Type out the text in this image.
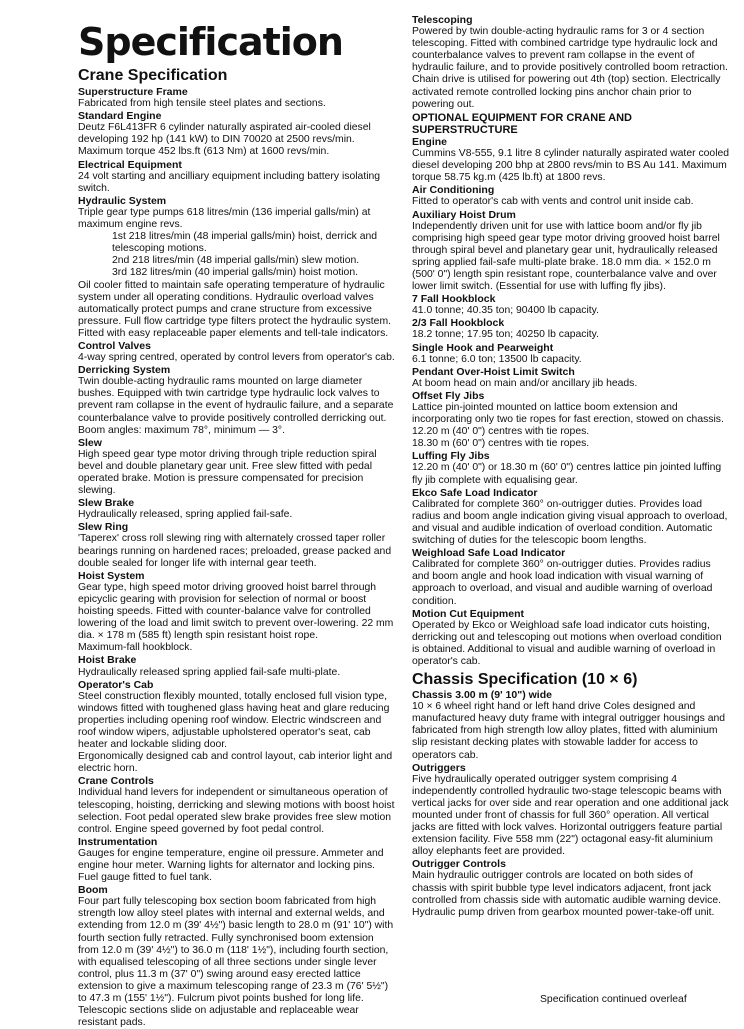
Specification
Crane Specification
Superstructure Frame

Fabricated from high tensile steel plates and sections.

Standard Engine

Deutz F6L413FR 6 cylinder naturally aspirated air-cooled diesel developing 192 hp (141 kW) to DIN 70020 at 2500 revs/min. Maximum torque 452 lbs.ft (613 Nm) at 1600 revs/min.

Electrical Equipment

24 volt starting and ancilliary equipment including battery isolating switch.

Hydraulic System

Triple gear type pumps 618 litres/min (136 imperial galls/min) at maximum engine revs.

1st 218 litres/min (48 imperial galls/min) hoist, derrick and telescoping motions.

2nd 218 litres/min (48 imperial galls/min) slew motion.

3rd 182 litres/min (40 imperial galls/min) hoist motion.

Oil cooler fitted to maintain safe operating temperature of hydraulic system under all operating conditions. Hydraulic overload valves automatically protect pumps and crane structure from excessive pressure. Full flow cartridge type filters protect the hydraulic system. Fitted with easy replaceable paper elements and tell-tale indicators.

Control Valves

4-way spring centred, operated by control levers from operator's cab.

Derricking System

Twin double-acting hydraulic rams mounted on large diameter bushes. Equipped with twin cartridge type hydraulic lock valves to prevent ram collapse in the event of hydraulic failure, and a separate counterbalance valve to provide positively controlled derricking out.

Boom angles: maximum 78°, minimum — 3°.

Slew

High speed gear type motor driving through triple reduction spiral bevel and double planetary gear unit. Free slew fitted with pedal operated brake. Motion is pressure compensated for precision slewing.

Slew Brake

Hydraulically released, spring applied fail-safe.

Slew Ring

'Taperex' cross roll slewing ring with alternately crossed taper roller bearings running on hardened races; preloaded, grease packed and double sealed for longer life with internal gear teeth.

Hoist System

Gear type, high speed motor driving grooved hoist barrel through epicyclic gearing with provision for selection of normal or boost hoisting speeds. Fitted with counter-balance valve for controlled lowering of the load and limit switch to prevent over-lowering. 22 mm dia. × 178 m (585 ft) length spin resistant hoist rope.

Maximum-fall hookblock.

Hoist Brake

Hydraulically released spring applied fail-safe multi-plate.

Operator's Cab

Steel construction flexibly mounted, totally enclosed full vision type, windows fitted with toughened glass having heat and glare reducing properties including opening roof window. Electric windscreen and roof window wipers, adjustable upholstered operator's seat, cab heater and lockable sliding door.

Ergonomically designed cab and control layout, cab interior light and electric horn.

Crane Controls

Individual hand levers for independent or simultaneous operation of telescoping, hoisting, derricking and slewing motions with boost hoist selection. Foot pedal operated slew brake provides free slew motion control. Engine speed governed by foot pedal control.

Instrumentation

Gauges for engine temperature, engine oil pressure. Ammeter and engine hour meter. Warning lights for alternator and locking pins. Fuel gauge fitted to fuel tank.

Boom

Four part fully telescoping box section boom fabricated from high strength low alloy steel plates with internal and external welds, and extending from 12.0 m (39' 4½") basic length to 28.0 m (91' 10") with fourth section fully retracted. Fully synchronised boom extension from 12.0 m (39' 4½") to 36.0 m (118' 1½"), including fourth section, with equalised telescoping of all three sections under single lever control, plus 11.3 m (37' 0") swing around easy erected lattice extension to give a maximum telescoping range of 23.3 m (76' 5½") to 47.3 m (155' 1½"). Fulcrum pivot points bushed for long life. Telescopic sections slide on adjustable and replaceable wear resistant pads.

Telescoping

Powered by twin double-acting hydraulic rams for 3 or 4 section telescoping. Fitted with combined cartridge type hydraulic lock and counterbalance valves to prevent ram collapse in the event of hydraulic failure, and to provide positively controlled boom retraction. Chain drive is utilised for powering out 4th (top) section. Electrically activated remote controlled locking pins anchor chain prior to powering out.

OPTIONAL EQUIPMENT FOR CRANE AND SUPERSTRUCTURE
Engine

Cummins V8-555, 9.1 litre 8 cylinder naturally aspirated water cooled diesel developing 200 bhp at 2800 revs/min to BS Au 141. Maximum torque 58.75 kg.m (425 lb.ft) at 1800 revs.

Air Conditioning

Fitted to operator's cab with vents and control unit inside cab.

Auxiliary Hoist Drum

Independently driven unit for use with lattice boom and/or fly jib comprising high speed gear type motor driving grooved hoist barrel through spiral bevel and planetary gear unit, hydraulically released spring applied fail-safe multi-plate brake. 18.0 mm dia. × 152.0 m (500' 0") length spin resistant rope, counterbalance valve and over lower limit switch. (Essential for use with luffing fly jibs).

7 Fall Hookblock

41.0 tonne; 40.35 ton; 90400 lb capacity.

2/3 Fall Hookblock

18.2 tonne; 17.95 ton; 40250 lb capacity.

Single Hook and Pearweight

6.1 tonne; 6.0 ton; 13500 lb capacity.

Pendant Over-Hoist Limit Switch

At boom head on main and/or ancillary jib heads.

Offset Fly Jibs

Lattice pin-jointed mounted on lattice boom extension and incorporating only two tie ropes for fast erection, stowed on chassis.

12.20 m (40' 0") centres with tie ropes.

18.30 m (60' 0") centres with tie ropes.

Luffing Fly Jibs

12.20 m (40' 0") or 18.30 m (60' 0") centres lattice pin jointed luffing fly jib complete with equalising gear.

Ekco Safe Load Indicator

Calibrated for complete 360° on-outrigger duties. Provides load radius and boom angle indication giving visual approach to overload, and visual and audible indication of overload condition. Automatic switching of duties for the telescopic boom lengths.

Weighload Safe Load Indicator

Calibrated for complete 360° on-outrigger duties. Provides radius and boom angle and hook load indication with visual warning of approach to overload, and visual and audible warning of overload condition.

Motion Cut Equipment

Operated by Ekco or Weighload safe load indicator cuts hoisting, derricking out and telescoping out motions when overload condition is obtained. Additional to visual and audible warning of overload in operator's cab.

Chassis Specification (10 × 6)
Chassis 3.00 m (9' 10") wide

10 × 6 wheel right hand or left hand drive Coles designed and manufactured heavy duty frame with integral outrigger housings and fabricated from high strength low alloy plates, fitted with aluminium slip resistant decking plates with stowable ladder for access to operators cab.

Outriggers

Five hydraulically operated outrigger system comprising 4 independently controlled hydraulic two-stage telescopic beams with vertical jacks for over side and rear operation and one additional jack mounted under front of chassis for full 360° operation. All vertical jacks are fitted with lock valves. Horizontal outriggers feature partial extension facility. Five 558 mm (22") octagonal easy-fit aluminium alloy elephants feet are provided.

Outrigger Controls

Main hydraulic outrigger controls are located on both sides of chassis with spirit bubble type level indicators adjacent, front jack controlled from chassis side with automatic audible warning device. Hydraulic pump driven from gearbox mounted power-take-off unit.

Specification continued overleaf
